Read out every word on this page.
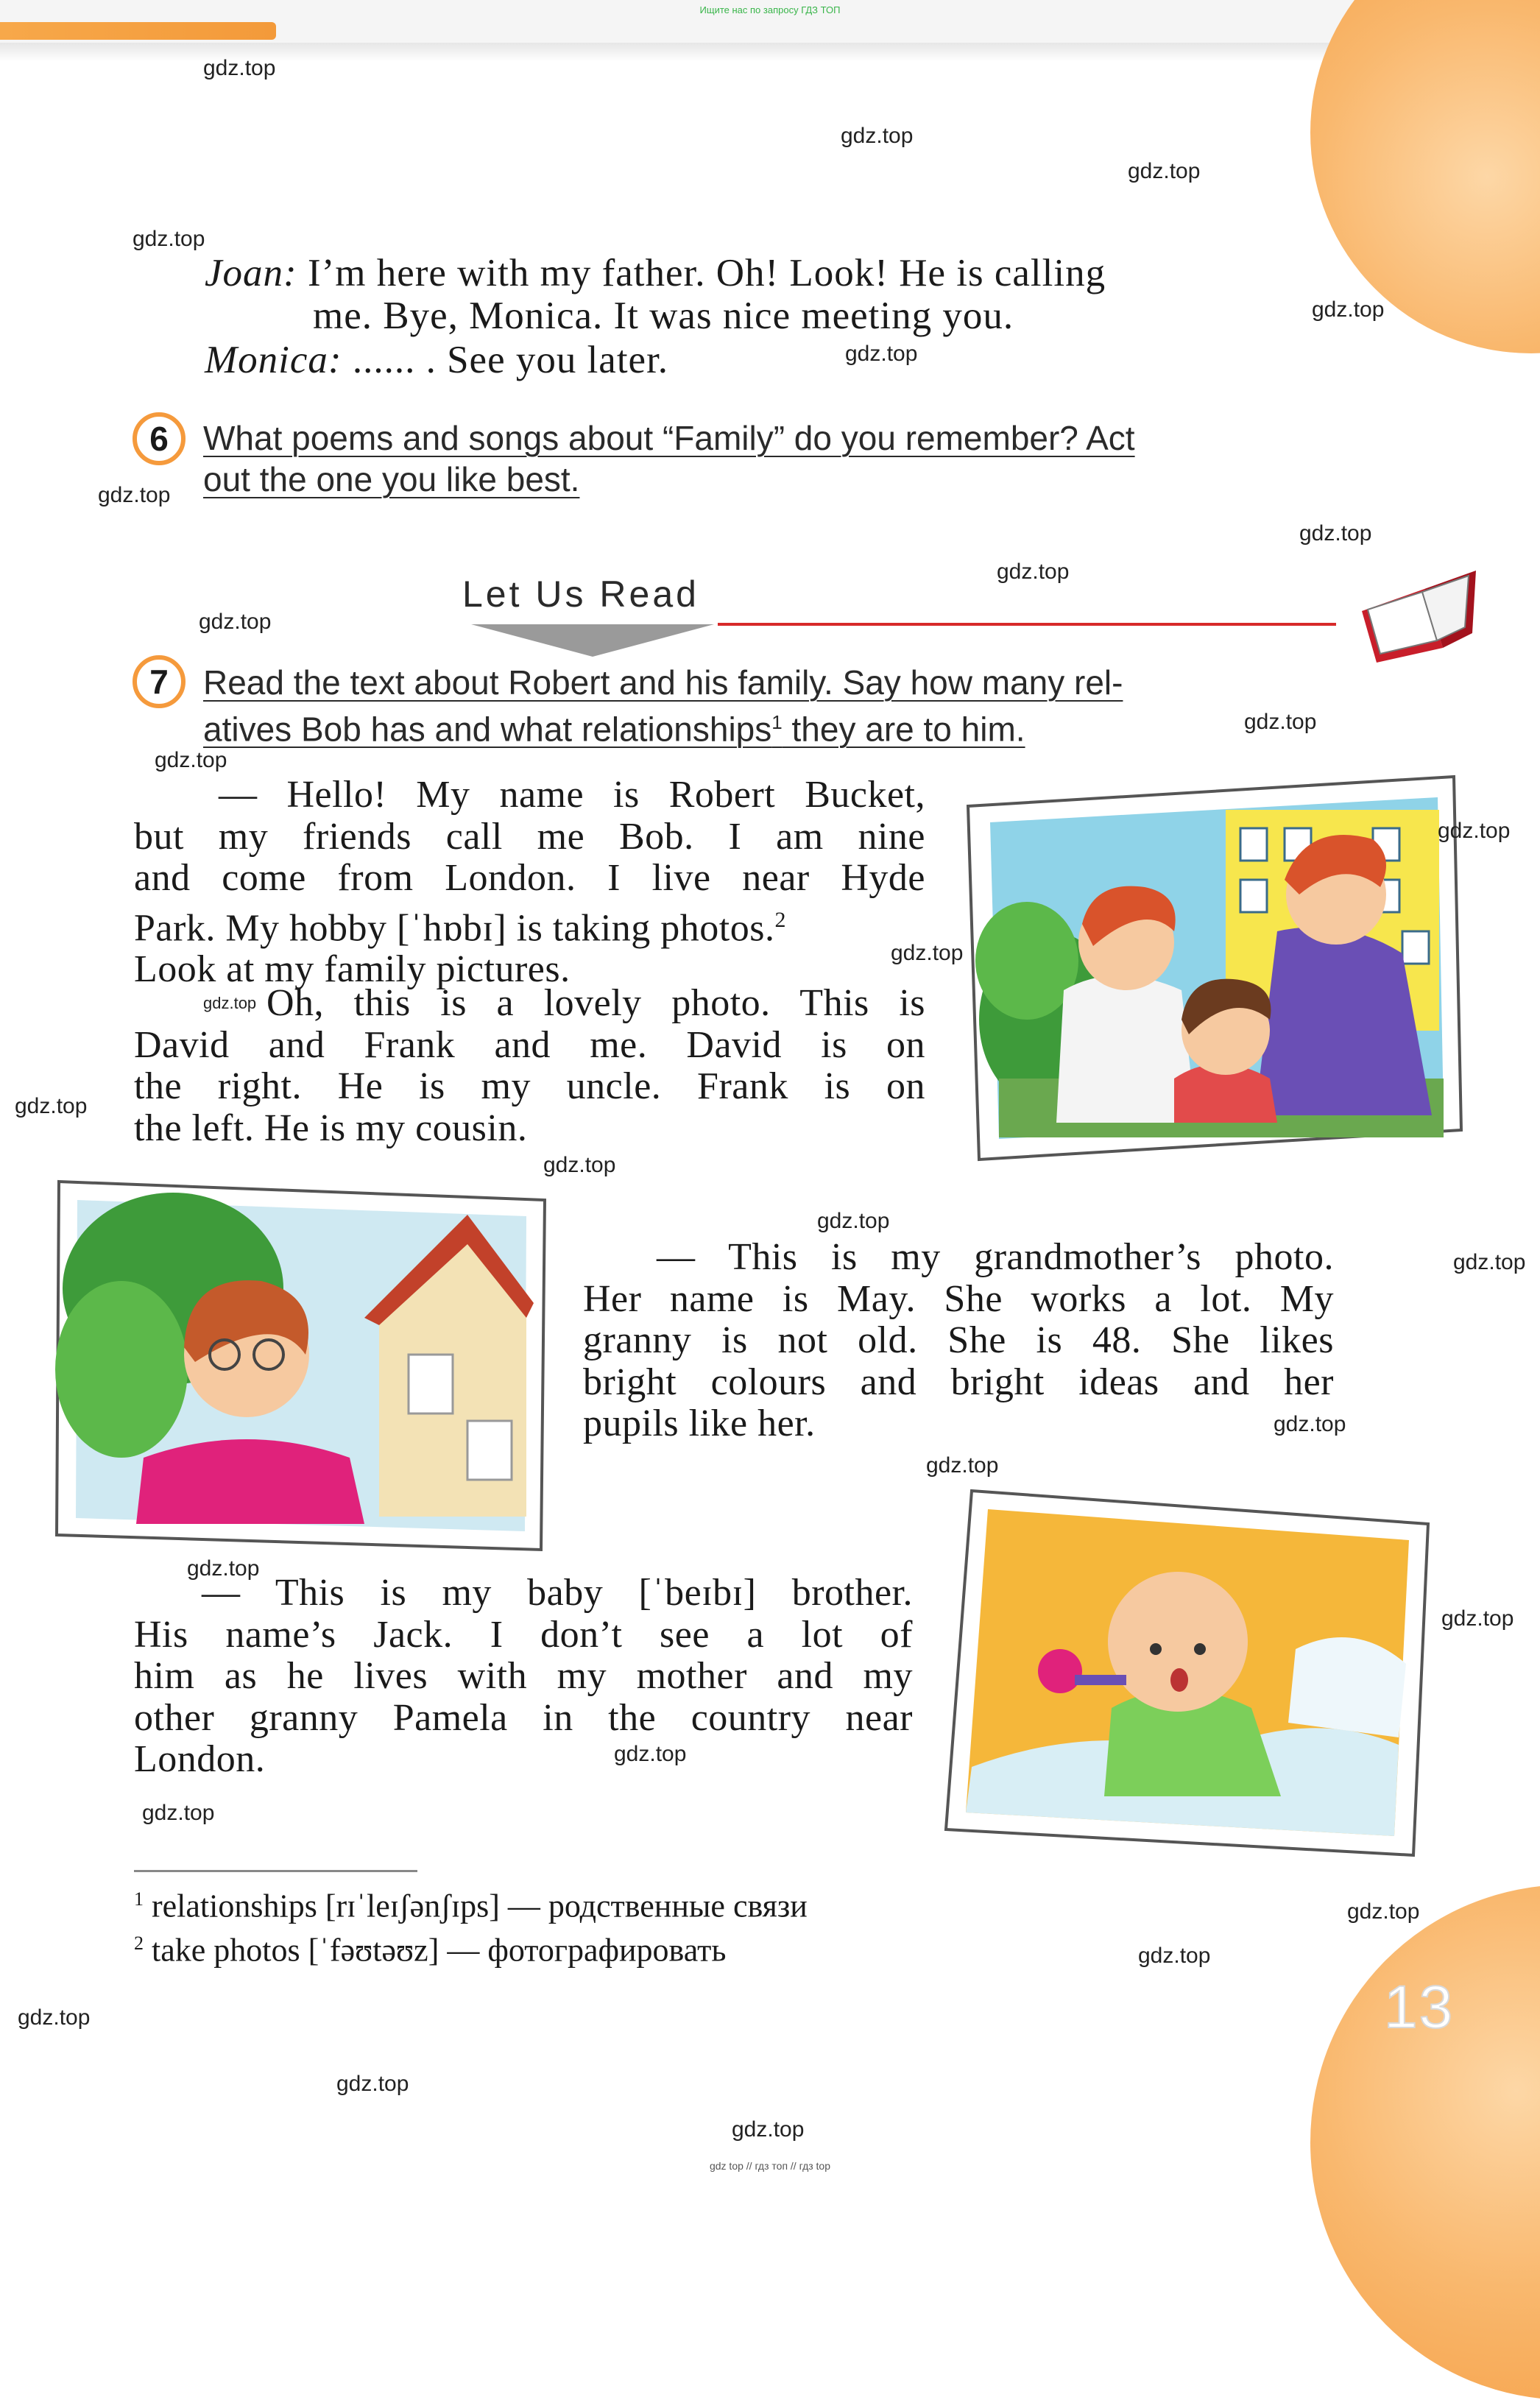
Ищите нас по запросу ГДЗ ТОП
13
Joan: I’m here with my father. Oh! Look! He is calling
me. Bye, Monica. It was nice meeting you.
Monica: ...... . See you later.
6	What poems and songs about “Family” do you remember? Act
out the one you like best.
Let Us Read
7	Read the text about Robert and his family. Say how many rel-
atives Bob has and what relationships$^1$ they are to him.
— Hello! My name is Robert Bucket,
but my friends call me Bob. I am nine
and come from London. I live near Hyde
Park. My hobby [ˈhɒbɪ] is taking photos.$^2$
Look at my family pictures.
Oh, this is a lovely photo. This is
David and Frank and me. David is on
the right. He is my uncle. Frank is on
the left. He is my cousin.
— This is my grandmother’s photo.
Her name is May. She works a lot. My
granny is not old. She is 48. She likes
bright colours and bright ideas and her
pupils like her.
— This is my baby [ˈbeɪbɪ] brother.
His name’s Jack. I don’t see a lot of
him as he lives with my mother and my
other granny Pamela in the country near
London.
$^1$ relationships [rɪˈleɪʃənʃɪps] — родственные связи
$^2$ take photos [ˈfəʊtəʊz] — фотографировать
gdz.top
gdz.top
gdz.top
gdz.top
gdz.top
gdz.top
gdz.top
gdz.top
gdz.top
gdz.top
gdz.top
gdz.top
gdz.top
gdz.top
gdz.top
gdz.top
gdz.top
gdz.top
gdz.top
gdz.top
gdz.top
gdz.top
gdz.top
gdz.top
gdz.top
gdz.top
gdz.top
gdz.top
gdz.top
gdz.top
gdz top // гдз топ // гдз top
